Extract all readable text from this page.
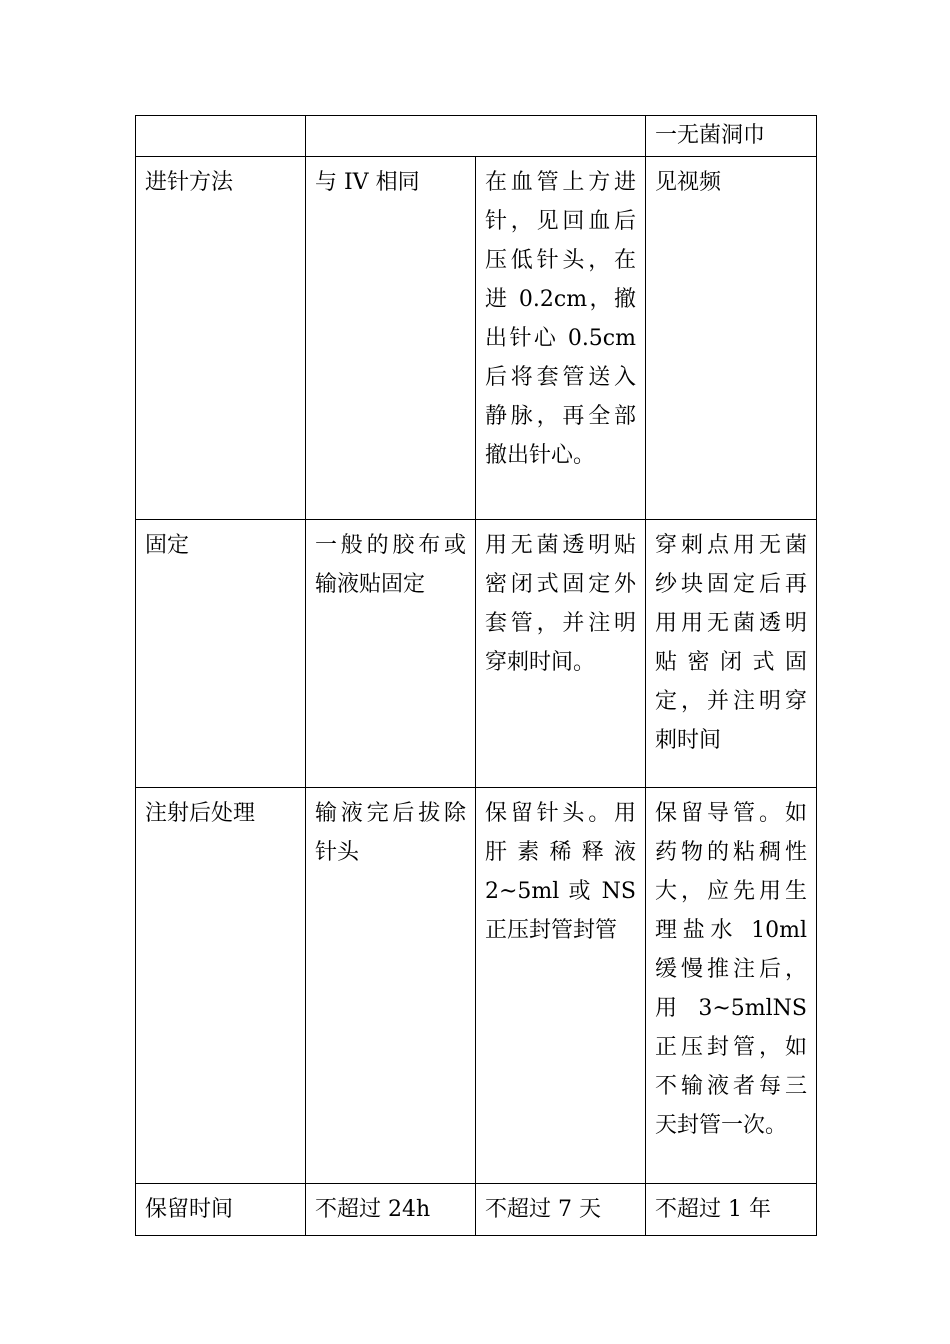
			一无菌洞巾
进针方法	与 IV 相同	在血管上方进针，见回血后压低针头，在进 0.2cm，撤出针心 0.5cm 后将套管送入静脉，再全部撤出针心。	见视频
固定	一般的胶布或输液贴固定	用无菌透明贴密闭式固定外套管，并注明穿刺时间。	穿刺点用无菌纱块固定后再用用无菌透明贴密闭式固定，并注明穿刺时间
注射后处理	输液完后拔除针头	保留针头。用肝素稀释液 2~5ml 或 NS 正压封管封管	保留导管。如药物的粘稠性大，应先用生理盐水 10ml 缓慢推注后，用 3~5mlNS 正压封管，如不输液者每三天封管一次。
保留时间	不超过 24h	不超过 7 天	不超过 1 年
